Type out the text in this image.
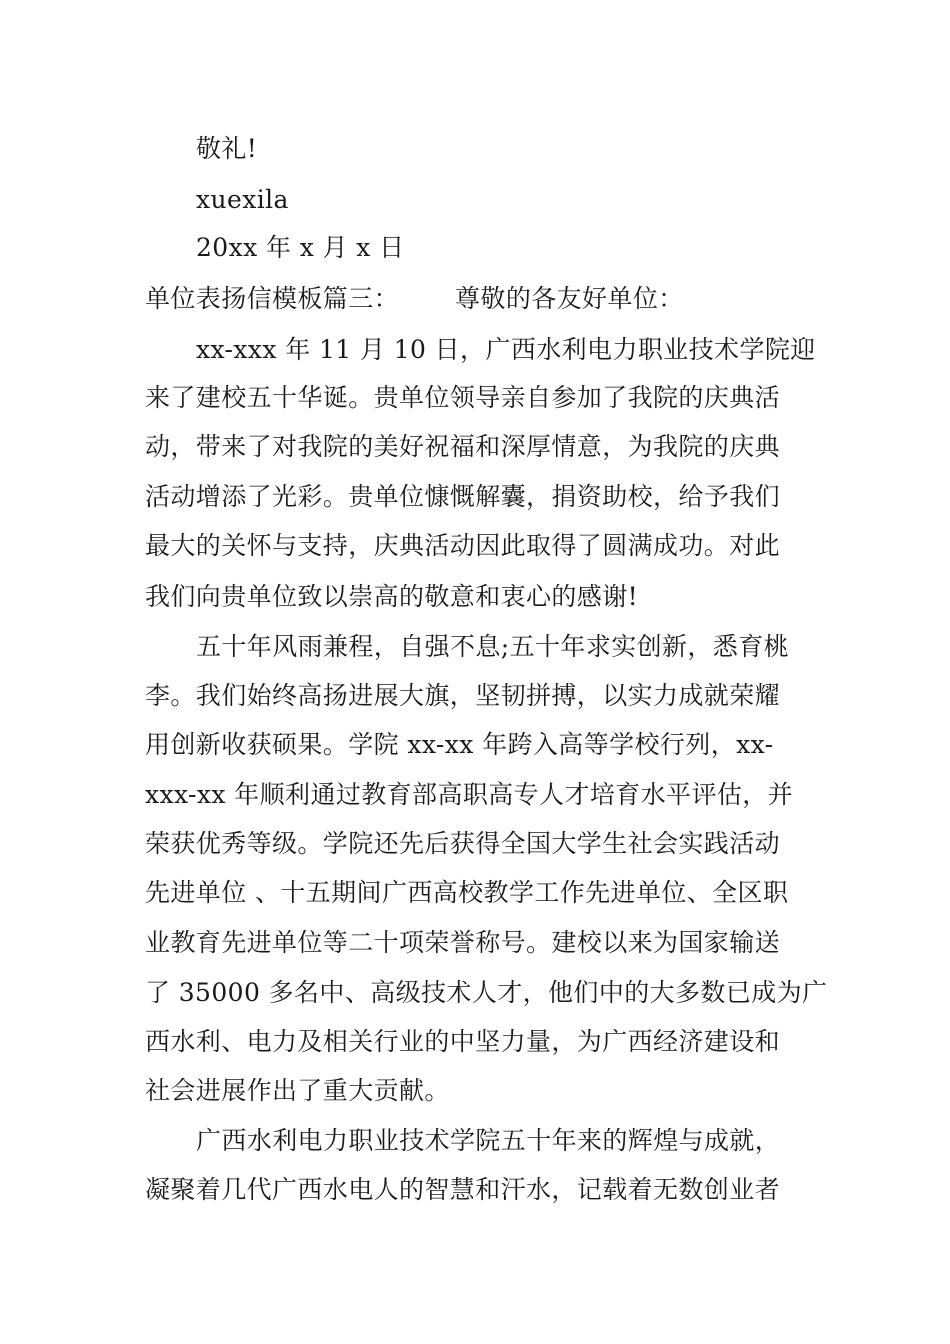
敬礼!
xuexila
20xx 年 x 月 x 日
单位表扬信模板篇三： 尊敬的各友好单位：
xx-xxx 年 11 月 10 日，广西水利电力职业技术学院迎
来了建校五十华诞。贵单位领导亲自参加了我院的庆典活
动，带来了对我院的美好祝福和深厚情意，为我院的庆典
活动增添了光彩。贵单位慷慨解囊，捐资助校，给予我们
最大的关怀与支持，庆典活动因此取得了圆满成功。对此
我们向贵单位致以崇高的敬意和衷心的感谢!
五十年风雨兼程，自强不息;五十年求实创新，悉育桃
李。我们始终高扬进展大旗，坚韧拼搏，以实力成就荣耀
用创新收获硕果。学院 xx-xx 年跨入高等学校行列，xx-
xxx-xx 年顺利通过教育部高职高专人才培育水平评估，并
荣获优秀等级。学院还先后获得全国大学生社会实践活动
先进单位 、十五期间广西高校教学工作先进单位、全区职
业教育先进单位等二十项荣誉称号。建校以来为国家输送
了 35000 多名中、高级技术人才，他们中的大多数已成为广
西水利、电力及相关行业的中坚力量，为广西经济建设和
社会进展作出了重大贡献。
广西水利电力职业技术学院五十年来的辉煌与成就，
凝聚着几代广西水电人的智慧和汗水，记载着无数创业者
